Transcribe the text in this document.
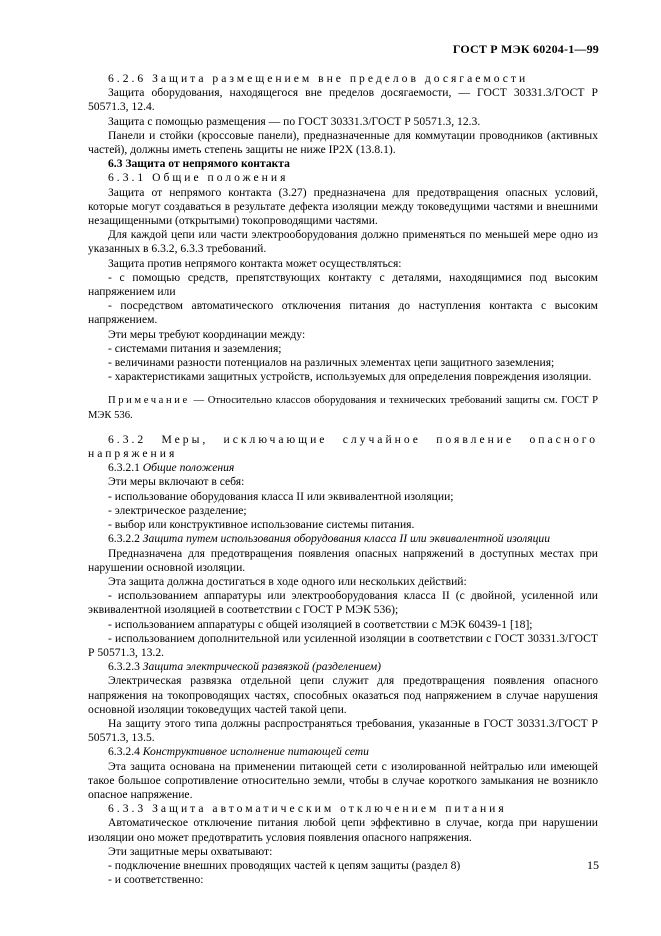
ГОСТ Р МЭК 60204-1—99

6.2.6 Защита размещением вне пределов досягаемости

Защита оборудования, находящегося вне пределов досягаемости, — ГОСТ 30331.3/ГОСТ Р 50571.3, 12.4.

Защита с помощью размещения — по ГОСТ 30331.3/ГОСТ Р 50571.3, 12.3.

Панели и стойки (кроссовые панели), предназначенные для коммутации проводников (активных частей), должны иметь степень защиты не ниже IP2X (13.8.1).

6.3 Защита от непрямого контакта

6.3.1 Общие положения

Защита от непрямого контакта (3.27) предназначена для предотвращения опасных условий, которые могут создаваться в результате дефекта изоляции между токоведущими частями и внешними незащищенными (открытыми) токопроводящими частями.

Для каждой цепи или части электрооборудования должно применяться по меньшей мере одно из указанных в 6.3.2, 6.3.3 требований.

Защита против непрямого контакта может осуществляться:

- с помощью средств, препятствующих контакту с деталями, находящимися под высоким напряжением или

- посредством автоматического отключения питания до наступления контакта с высоким напряжением.

Эти меры требуют координации между:

- системами питания и заземления;

- величинами разности потенциалов на различных элементах цепи защитного заземления;

- характеристиками защитных устройств, используемых для определения повреждения изоляции.

Примечание — Относительно классов оборудования и технических требований защиты см. ГОСТ Р МЭК 536.

6.3.2 Меры, исключающие случайное появление опасного напряжения

6.3.2.1 Общие положения

Эти меры включают в себя:

- использование оборудования класса II или эквивалентной изоляции;

- электрическое разделение;

- выбор или конструктивное использование системы питания.

6.3.2.2 Защита путем использования оборудования класса II или эквивалентной изоляции

Предназначена для предотвращения появления опасных напряжений в доступных местах при нарушении основной изоляции.

Эта защита должна достигаться в ходе одного или нескольких действий:

- использованием аппаратуры или электрооборудования класса II (с двойной, усиленной или эквивалентной изоляцией в соответствии с ГОСТ Р МЭК 536);

- использованием аппаратуры с общей изоляцией в соответствии с МЭК 60439-1 [18];

- использованием дополнительной или усиленной изоляции в соответствии с ГОСТ 30331.3/ГОСТ Р 50571.3, 13.2.

6.3.2.3 Защита электрической развязкой (разделением)

Электрическая развязка отдельной цепи служит для предотвращения появления опасного напряжения на токопроводящих частях, способных оказаться под напряжением в случае нарушения основной изоляции токоведущих частей такой цепи.

На защиту этого типа должны распространяться требования, указанные в ГОСТ 30331.3/ГОСТ Р 50571.3, 13.5.

6.3.2.4 Конструктивное исполнение питающей сети

Эта защита основана на применении питающей сети с изолированной нейтралью или имеющей такое большое сопротивление относительно земли, чтобы в случае короткого замыкания не возникло опасное напряжение.

6.3.3 Защита автоматическим отключением питания

Автоматическое отключение питания любой цепи эффективно в случае, когда при нарушении изоляции оно может предотвратить условия появления опасного напряжения.

Эти защитные меры охватывают:

- подключение внешних проводящих частей к цепям защиты (раздел 8)

- и соответственно:

15
